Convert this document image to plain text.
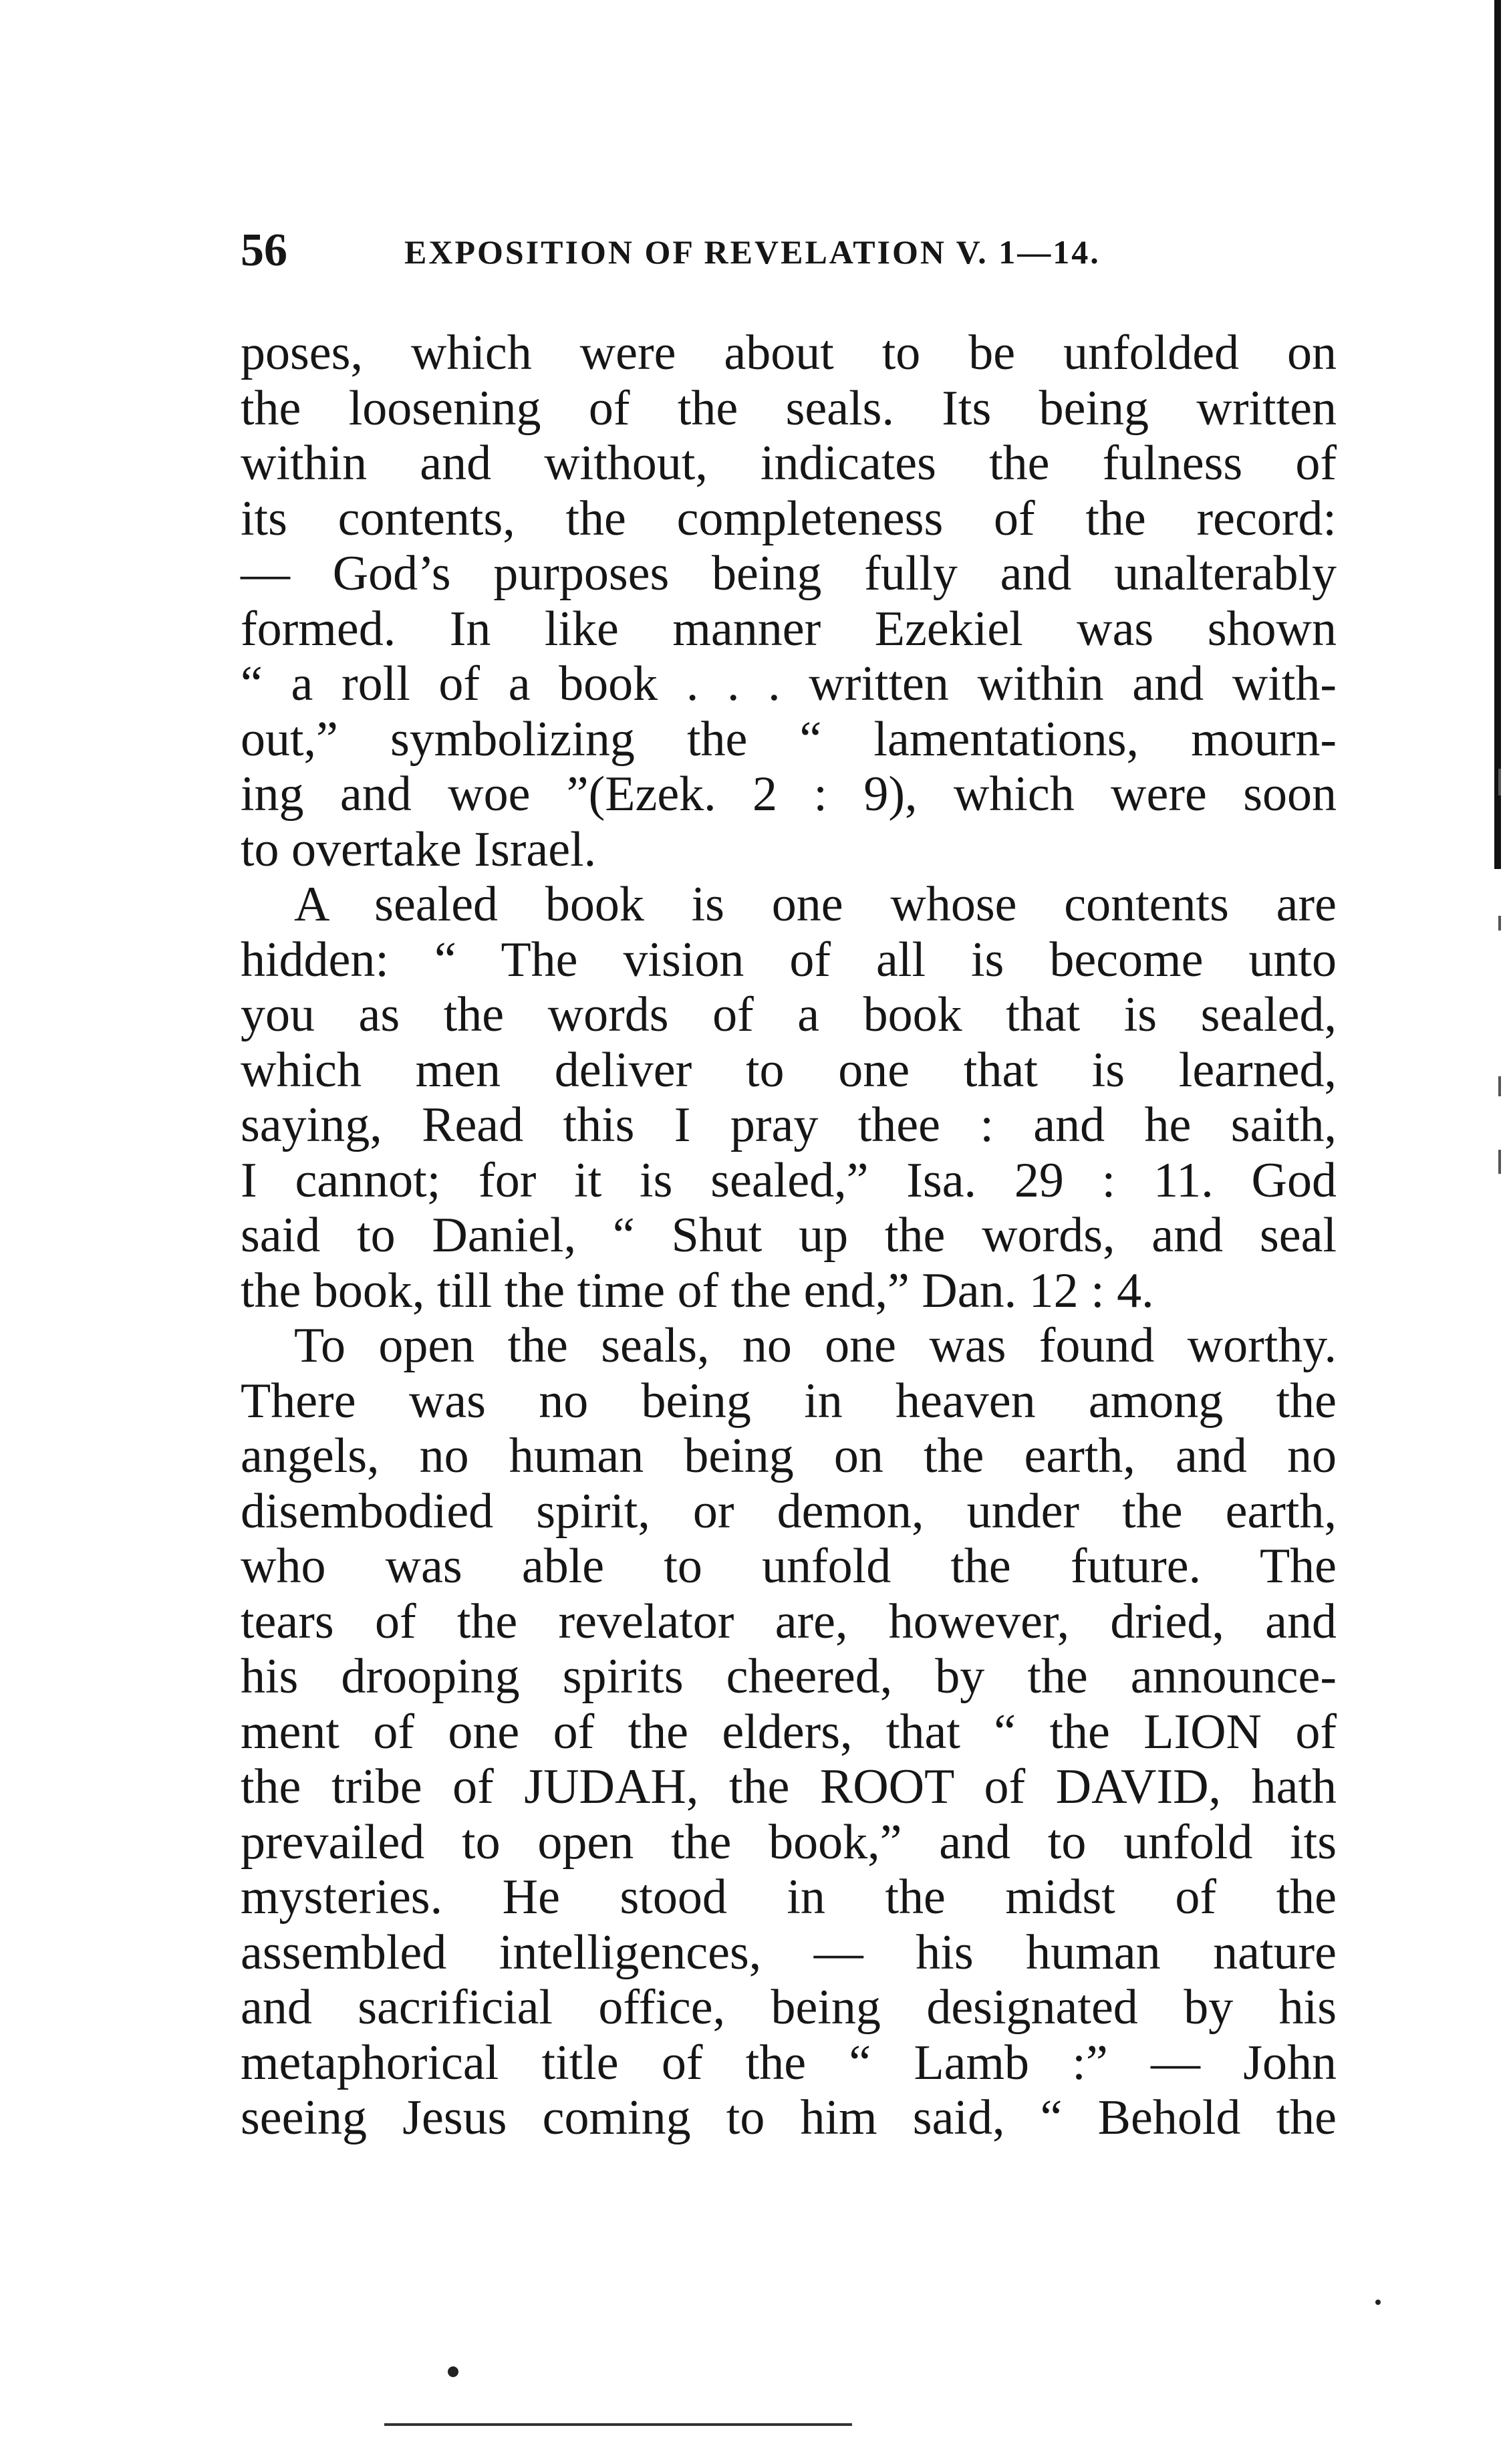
56	EXPOSITION OF REVELATION V. 1—14.
poses, which were about to be unfolded on
the loosening of the seals. Its being written
within and without, indicates the fulness of
its contents, the completeness of the record:
— God’s purposes being fully and unalterably
formed. In like manner Ezekiel was shown
“ a roll of a book . . . written within and with-
out,” symbolizing the “ lamentations, mourn-
ing and woe ”(Ezek. 2 : 9), which were soon
to overtake Israel.
A sealed book is one whose contents are
hidden: “ The vision of all is become unto
you as the words of a book that is sealed,
which men deliver to one that is learned,
saying, Read this I pray thee : and he saith,
I cannot; for it is sealed,” Isa. 29 : 11. God
said to Daniel, “ Shut up the words, and seal
the book, till the time of the end,” Dan. 12 : 4.
To open the seals, no one was found worthy.
There was no being in heaven among the
angels, no human being on the earth, and no
disembodied spirit, or demon, under the earth,
who was able to unfold the future. The
tears of the revelator are, however, dried, and
his drooping spirits cheered, by the announce-
ment of one of the elders, that “ the LION of
the tribe of JUDAH, the ROOT of DAVID, hath
prevailed to open the book,” and to unfold its
mysteries. He stood in the midst of the
assembled intelligences, — his human nature
and sacrificial office, being designated by his
metaphorical title of the “ Lamb :” — John
seeing Jesus coming to him said, “ Behold the
